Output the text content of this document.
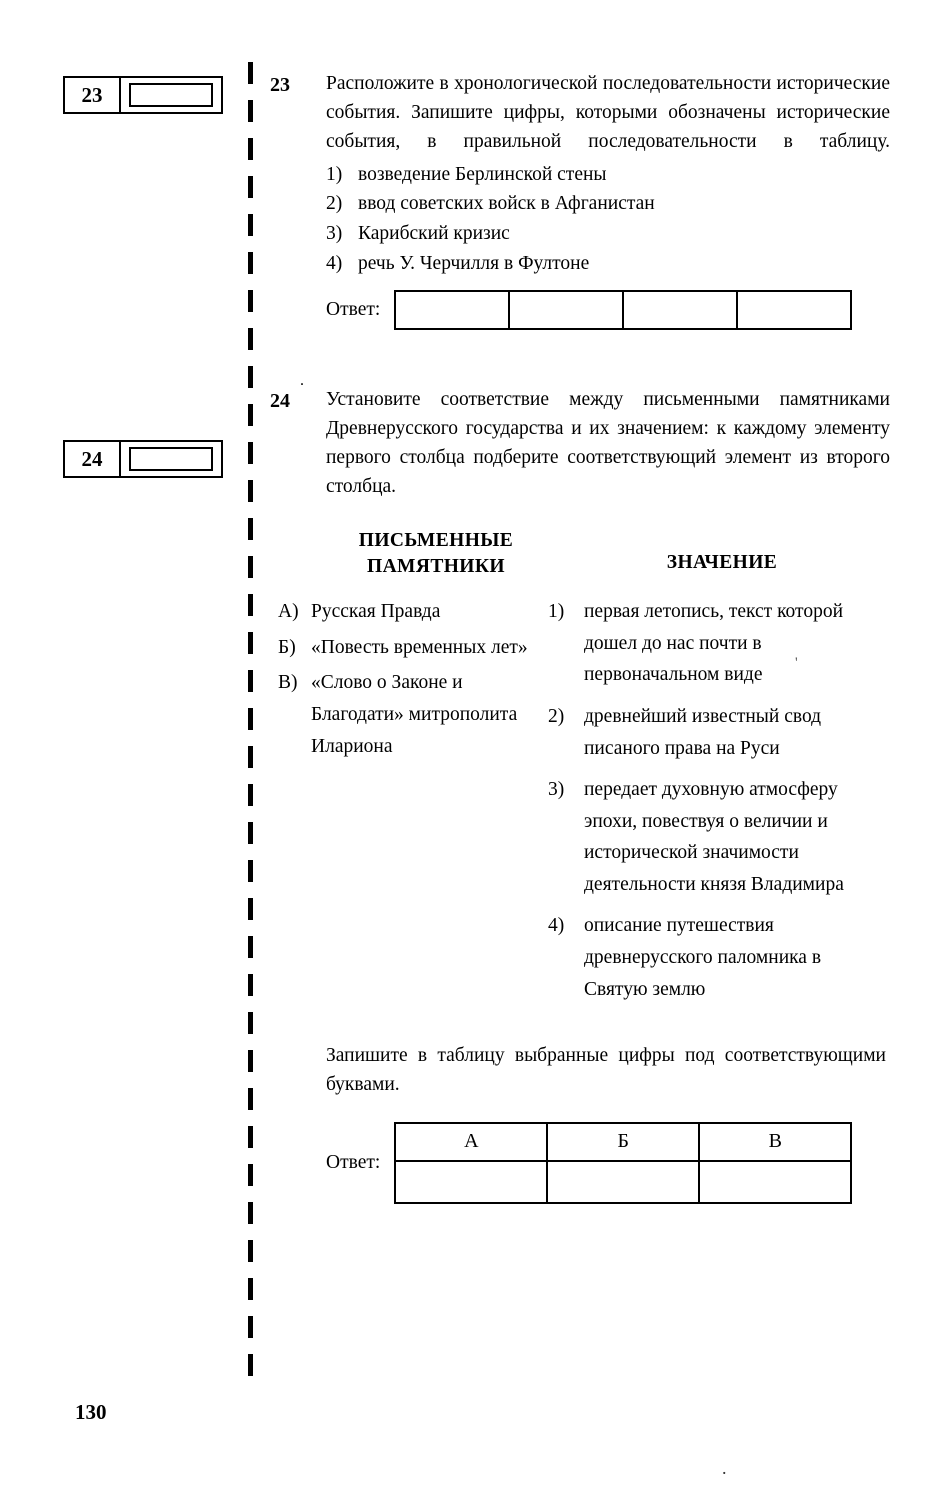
23
24
23	Расположите в хронологической последовательности исторические события. Запишите цифры, которыми обозначены исторические события, в правильной последовательности в таблицу.
1) возведение Берлинской стены
2) ввод советских войск в Афганистан
3) Карибский кризис
4) речь У. Черчилля в Фултоне
Ответ:

24	Установите соответствие между письменными памятниками Древнерусского государства и их значением: к каждому элементу первого столбца подберите соответствующий элемент из второго столбца.
ПИСЬМЕННЫЕ ПАМЯТНИКИ	ЗНАЧЕНИЕ
А) Русская Правда
Б) «Повесть временных лет»
В) «Слово о Законе и Благодати» митрополита Илариона
1)	первая летопись, текст которой дошел до нас почти в первоначальном виде
2)	древнейший известный свод писаного права на Руси
3)	передает духовную атмосферу эпохи, повествуя о величии и исторической значимости деятельности князя Владимира
4)	описание путешествия древнерусского паломника в Святую землю
Запишите в таблицу выбранные цифры под соответствующими буквами.
Ответ:
А	Б	В

.
'
130
.
